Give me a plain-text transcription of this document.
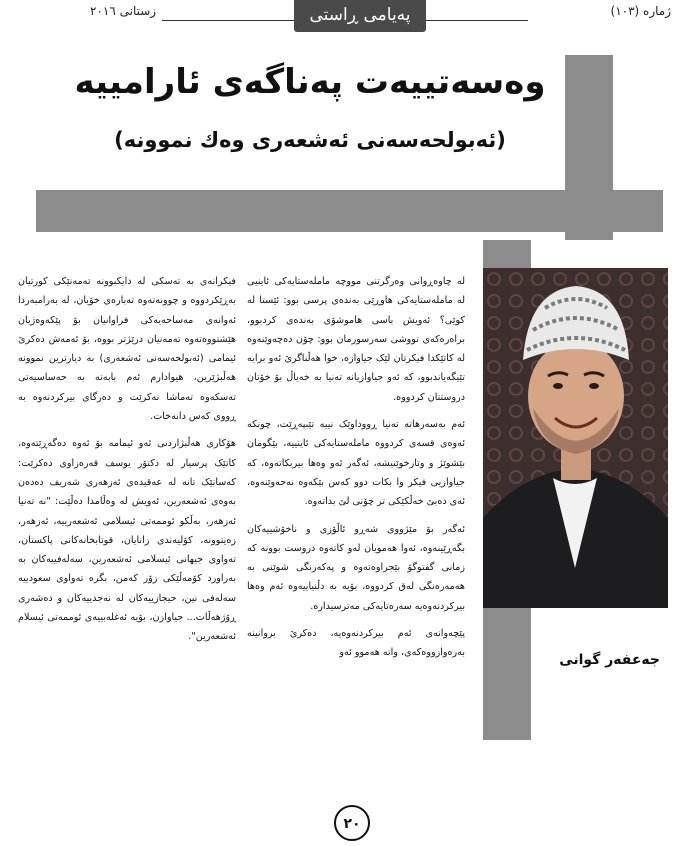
ژمارە (١٠٣)
پەیامی ڕاستی
زستانی ٢٠١٦
وەسەتییەت پەناگەی ئارامییە
(ئەبولحەسەنی ئەشعەری وەك نموونە)
جەعفەر گوانی

لە چاوەڕوانی وەرگرتنی مووچە ماملەستایەکی ئاینیی لە ماملەستایەکی هاوڕێی بەندەی پرسی بوو: ئێستا لە کوێی؟ ئەویش باسی هاموشۆی بەندەی کردبوو، براەرەکەی تووشی سەرسورمان بوو: چۆن دەچەوێنەوە لە کاتێکدا فیکرتان لێک جیاوازە، خوا هەڵناگرێ ئەو برایە تێیگەیاندبوو، کە ئەو جیاوازیانە تەنیا بە خەیاڵ بۆ خۆتان دروستتان کردووە.

ئەم بەسەرهاتە تەنیا ڕووداوێک نییە تێبپەڕێت، چونکە ئەوەی قسەی کردووە ماملەستایەکی ئاینییە، بێگومان بێشوێژ و وتارخوێنیشە، ئەگەر ئەو وەها بیربکاتەوە، کە جیاوازیی فیکر وا بکات دوو کەس بێکەوە نەحەوێنەوە، ئەی دەبێ خەڵکێکی تر چۆنی لێ بداتەوە.

ئەگەر بۆ مێژووی شەڕو ئاڵۆزی و ناخۆشییەکان بگەڕێینەوە، ئەوا هەمویان لەو کاتەوە دروست بوونە کە زمانی گفتوگۆ بێجراوەتەوە و پەکەرنگی شوێنی بە هەمەرەنگی لەق کردووە، بۆیە بە دڵنیاییەوە ئەم وەها بیرکردنەوەیە سەرەتایەکی مەترسیدارە.

پێچەوانەی ئەم بیرکردنەوەیە، دەکرێ بروانینە بەرەوازووەکەی، واتە هەموو ئەو

فیکرانەی بە تەسکی لە دایکبوونە تەمەنێکی کورتیان بەڕێکردووە و چوونەتەوە تەبارەی خۆیان، لە بەرامبەردا ئەوانەی مەساحەیەکی فراوانیان بۆ پێکەوەژیان هێشتووەتەوە تەمەنیان درێژتر بووە، بۆ ئەمەش دەکرێ ئیمامی (ئەبولحەسەنی ئەشعەری) بە دیارترین نموونە هەڵبژێرین، هیوادارم ئەم بابەتە بە حەساسیەتی تەسکەوە تەماشا نەکرێت و دەرگای بیرکردنەوە بە ڕووی کەس دانەخات.

هۆکاری هەڵبژاردنی ئەو ئیمامە بۆ ئەوە دەگەڕێتەوە، کاتێک پرسیار لە دکتۆر یوسف قەرەزاوی دەکرێت: کەسانێک تانە لە عەقیدەی ئەزهەری شەریف دەدەن بەوەی ئەشعەرین، ئەویش لە وەڵامدا دەڵێت: "نە تەنیا ئەزهەر، بەڵکو ئوممەتی ئیسلامی ئەشعەرییە، ئەزهەر، زەیتوونە، کۆلیەندی زانایان، قوتابخانەکانی پاکستان، تەواوی جیهانی ئیسلامی ئەشعەرین، سەلەفییەکان بە بەراورد کۆمەڵێکی زۆر کەمن، بگرە تەواوی سعودییە سەلەفی نین، حیجازییەکان لە نەجدییەکان و دەشەری ڕۆژهەڵات... جیاوازن، بۆیە ئەغلەبییەی ئوممەتی ئیسلام ئەشعەرین".

٢٠
